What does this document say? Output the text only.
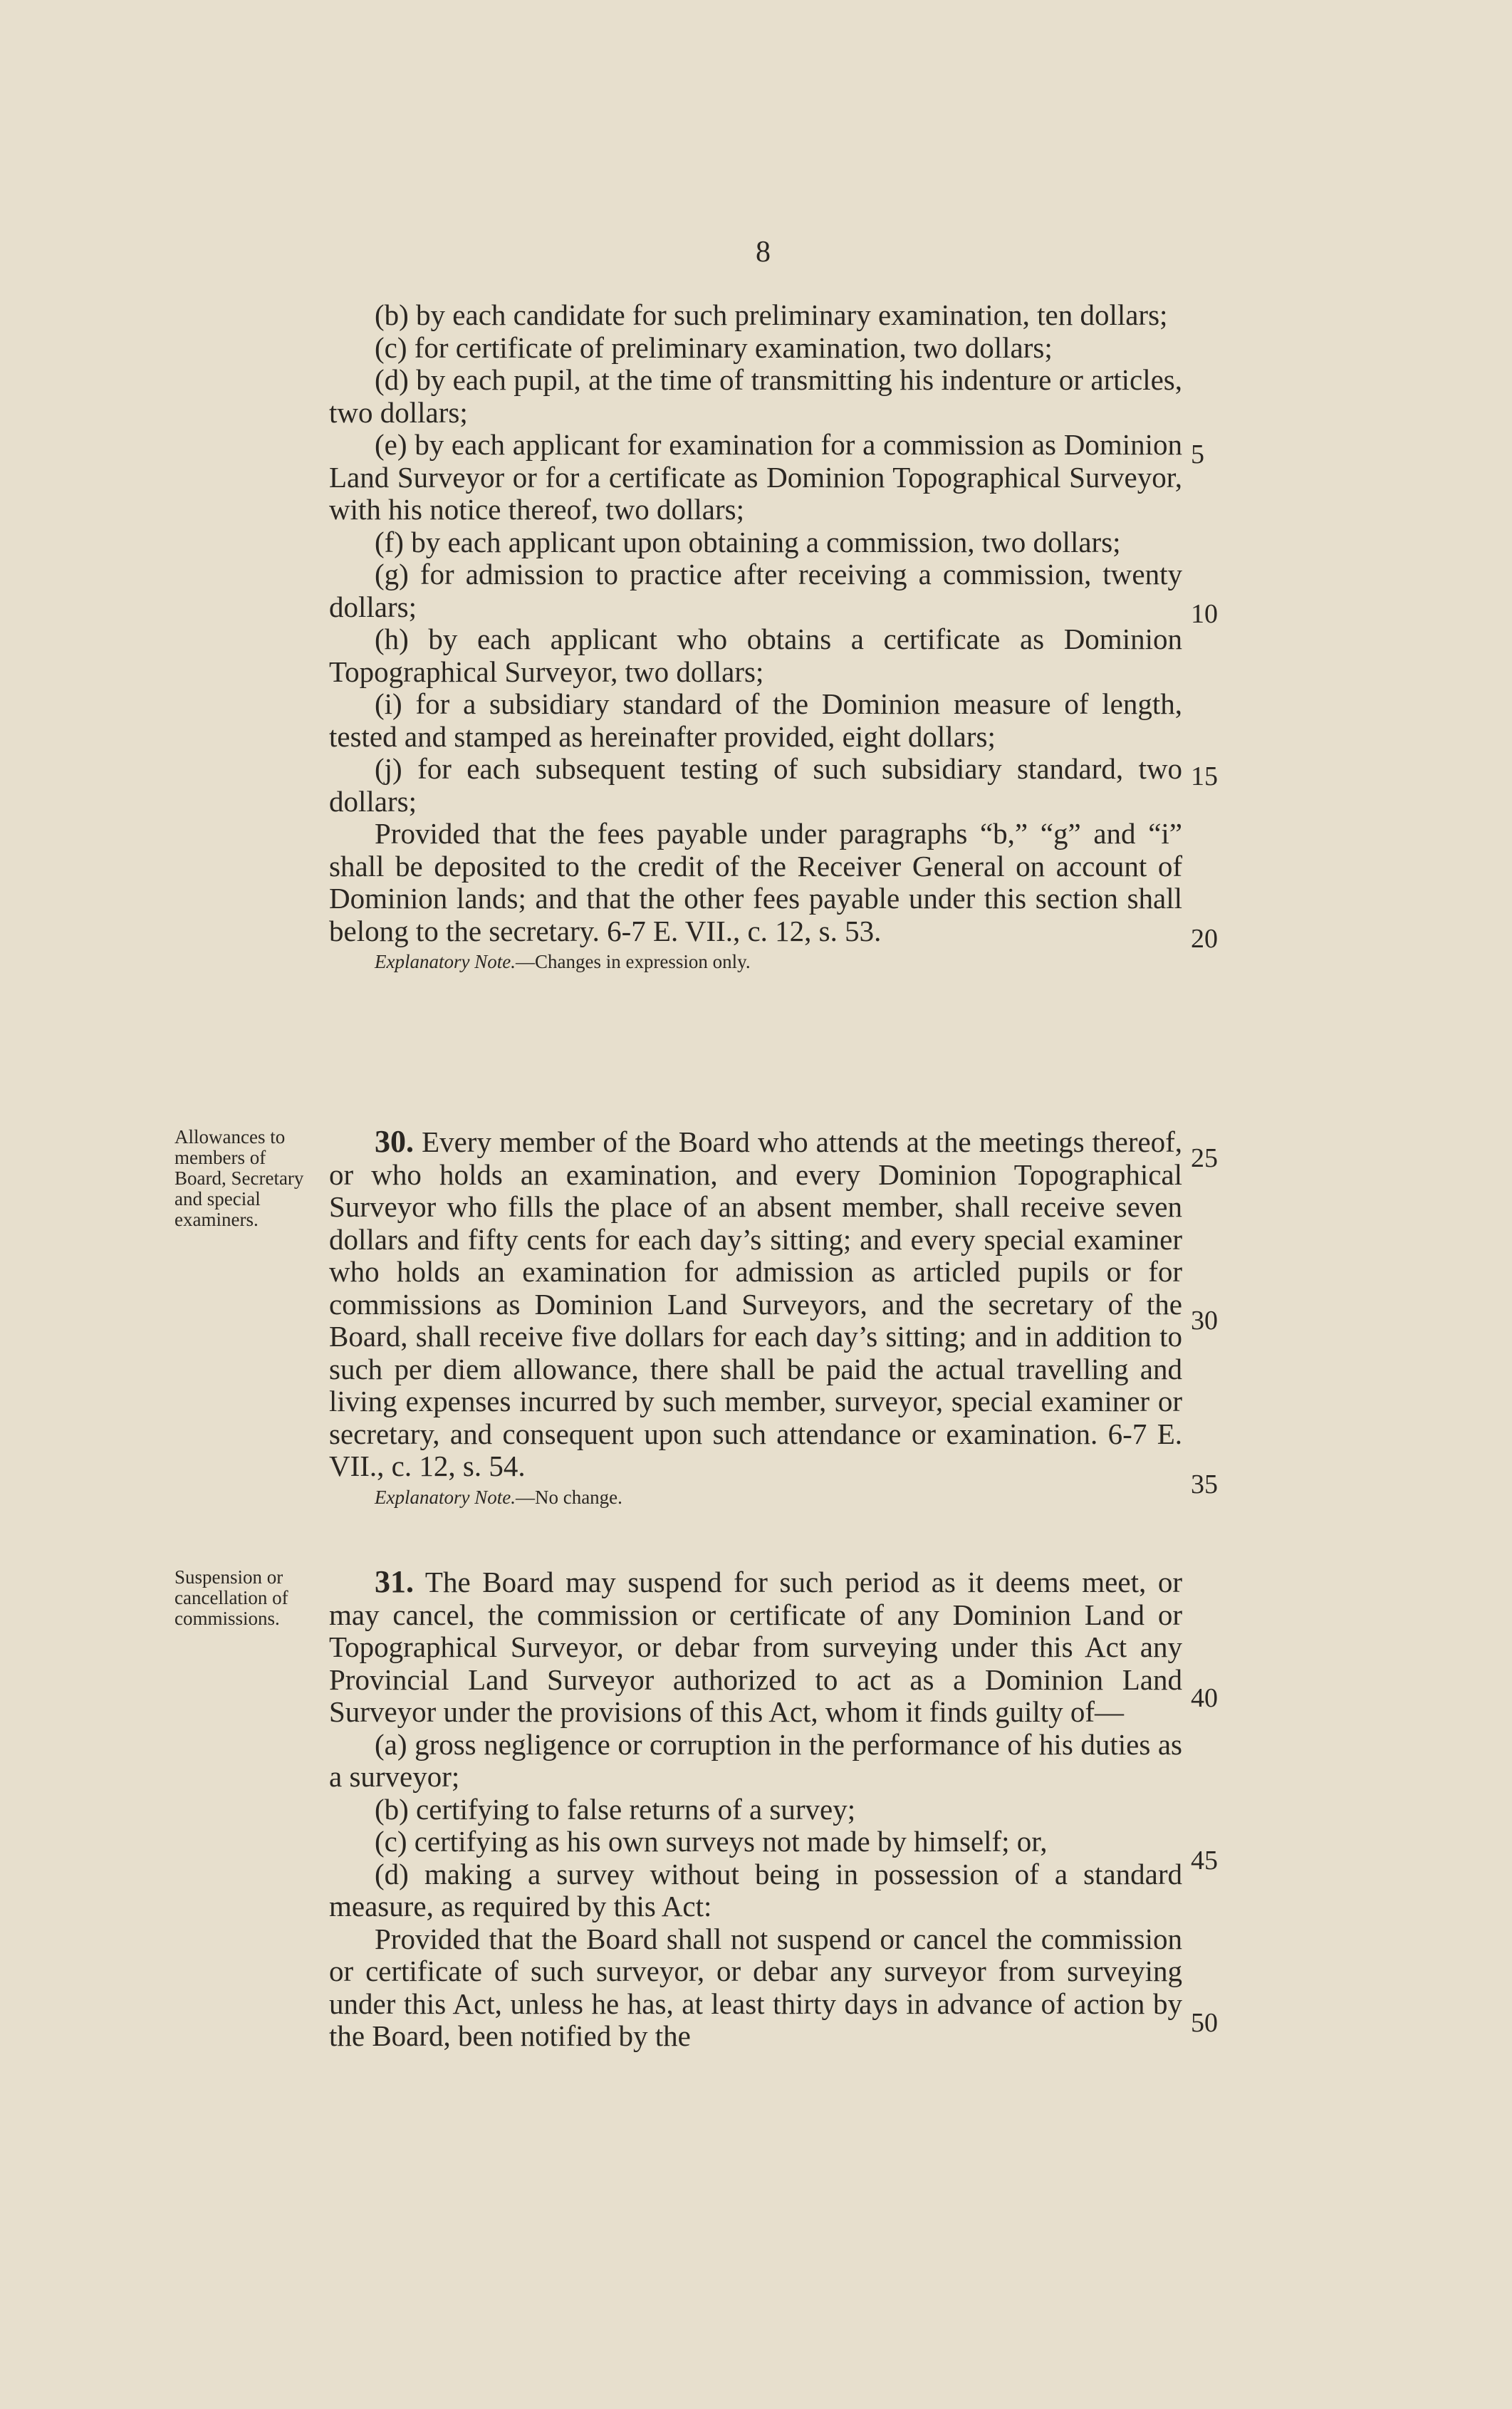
8

(b) by each candidate for such preliminary examination, ten dollars;

(c) for certificate of preliminary examination, two dollars;

(d) by each pupil, at the time of transmitting his indenture or articles, two dollars;

(e) by each applicant for examination for a commission as Dominion Land Surveyor or for a certificate as Dominion Topographical Surveyor, with his notice thereof, two dollars;

(f) by each applicant upon obtaining a commission, two dollars;

(g) for admission to practice after receiving a commission, twenty dollars;

(h) by each applicant who obtains a certificate as Dominion Topographical Surveyor, two dollars;

(i) for a subsidiary standard of the Dominion measure of length, tested and stamped as hereinafter provided, eight dollars;

(j) for each subsequent testing of such subsidiary standard, two dollars;

Provided that the fees payable under paragraphs “b,” “g” and “i” shall be deposited to the credit of the Receiver General on account of Dominion lands; and that the other fees payable under this section shall belong to the secretary. 6-7 E. VII., c. 12, s. 53.

Explanatory Note.—Changes in expression only.

Allowances to members of Board, Secretary and special examiners.

30. Every member of the Board who attends at the meetings thereof, or who holds an examination, and every Dominion Topographical Surveyor who fills the place of an absent member, shall receive seven dollars and fifty cents for each day’s sitting; and every special examiner who holds an examination for admission as articled pupils or for commissions as Dominion Land Surveyors, and the secretary of the Board, shall receive five dollars for each day’s sitting; and in addition to such per diem allowance, there shall be paid the actual travelling and living expenses incurred by such member, surveyor, special examiner or secretary, and consequent upon such attendance or examination. 6-7 E. VII., c. 12, s. 54.

Explanatory Note.—No change.

Suspension or cancellation of commissions.

31. The Board may suspend for such period as it deems meet, or may cancel, the commission or certificate of any Dominion Land or Topographical Surveyor, or debar from surveying under this Act any Provincial Land Surveyor authorized to act as a Dominion Land Surveyor under the provisions of this Act, whom it finds guilty of—

(a) gross negligence or corruption in the performance of his duties as a surveyor;

(b) certifying to false returns of a survey;

(c) certifying as his own surveys not made by himself; or,

(d) making a survey without being in possession of a standard measure, as required by this Act:

Provided that the Board shall not suspend or cancel the commission or certificate of such surveyor, or debar any surveyor from surveying under this Act, unless he has, at least thirty days in advance of action by the Board, been notified by the

5
10
15
20
25
30
35
40
45
50
